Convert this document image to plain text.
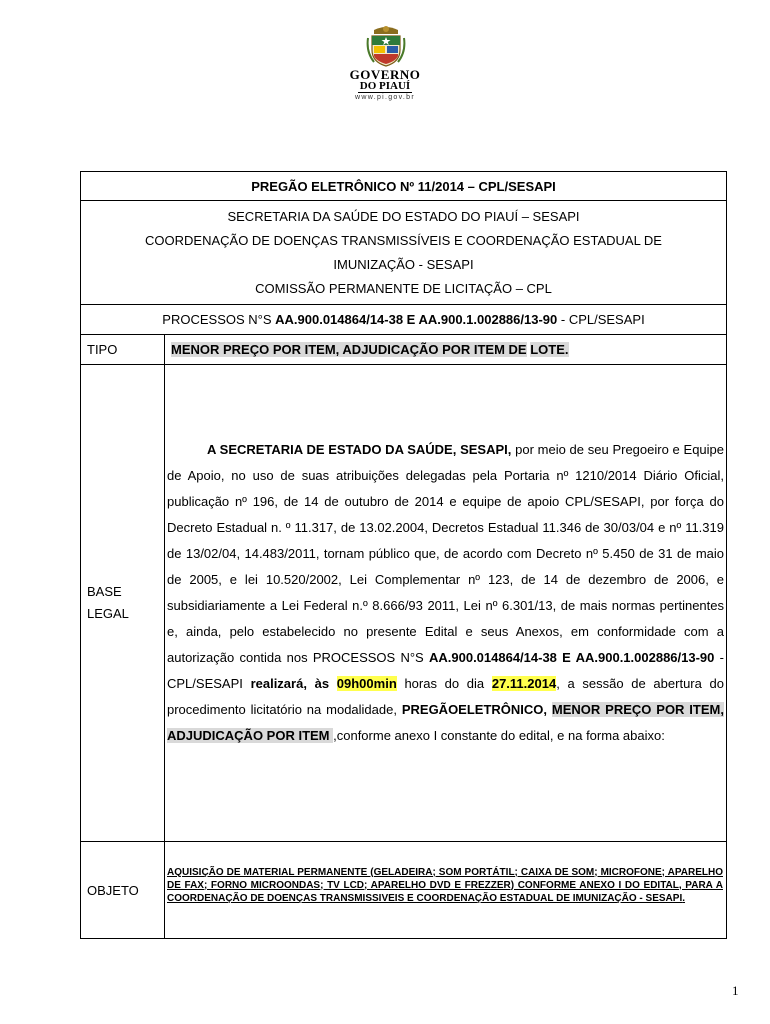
GOVERNO
DO PIAUÍ
www.pi.gov.br
PREGÃO ELETRÔNICO Nº 11/2014 – CPL/SESAPI	

SECRETARIA DA SAÚDE DO ESTADO DO PIAUÍ – SESAPI
COORDENAÇÃO DE DOENÇAS TRANSMISSÍVEIS E COORDENAÇÃO ESTADUAL DE
IMUNIZAÇÃO - SESAPI
COMISSÃO PERMANENTE DE LICITAÇÃO – CPL	

PROCESSOS N°S AA.900.014864/14-38 E AA.900.1.002886/13-90 - CPL/SESAPI	
TIPO	MENOR PREÇO POR ITEM, ADJUDICAÇÃO POR ITEM DE LOTE.

BASE
LEGAL	A SECRETARIA DE ESTADO DA SAÚDE, SESAPI, por meio de seu Pregoeiro e Equipe de Apoio, no uso de suas atribuições delegadas pela Portaria nº 1210/2014 Diário Oficial, publicação nº 196, de 14 de outubro de 2014 e equipe de apoio CPL/SESAPI, por força do Decreto Estadual n. º 11.317, de 13.02.2004, Decretos Estadual 11.346 de 30/03/04 e nº 11.319 de 13/02/04, 14.483/2011, tornam público que, de acordo com Decreto nº 5.450 de 31 de maio de 2005, e lei 10.520/2002, Lei Complementar nº 123, de 14 de dezembro de 2006, e subsidiariamente a Lei Federal n.º 8.666/93 2011, Lei nº 6.301/13, de mais normas pertinentes e, ainda, pelo estabelecido no presente Edital e seus Anexos, em conformidade com a autorização contida nos PROCESSOS N°S AA.900.014864/14-38 E AA.900.1.002886/13-90 - CPL/SESAPI realizará, às 09h00min horas do dia 27.11.2014, a sessão de abertura do procedimento licitatório na modalidade, PREGÃOELETRÔNICO, MENOR PREÇO POR ITEM, ADJUDICAÇÃO POR ITEM ,conforme anexo I constante do edital, e na forma abaixo:

OBJETO	AQUISIÇÃO DE MATERIAL PERMANENTE (GELADEIRA; SOM PORTÁTIL; CAIXA DE SOM; MICROFONE; APARELHO DE FAX; FORNO MICROONDAS; TV LCD; APARELHO DVD E FREZZER) CONFORME ANEXO I DO EDITAL, PARA A COORDENAÇÃO DE DOENÇAS TRANSMISSIVEIS E COORDENAÇÃO ESTADUAL DE IMUNIZAÇÃO - SESAPI.
1
